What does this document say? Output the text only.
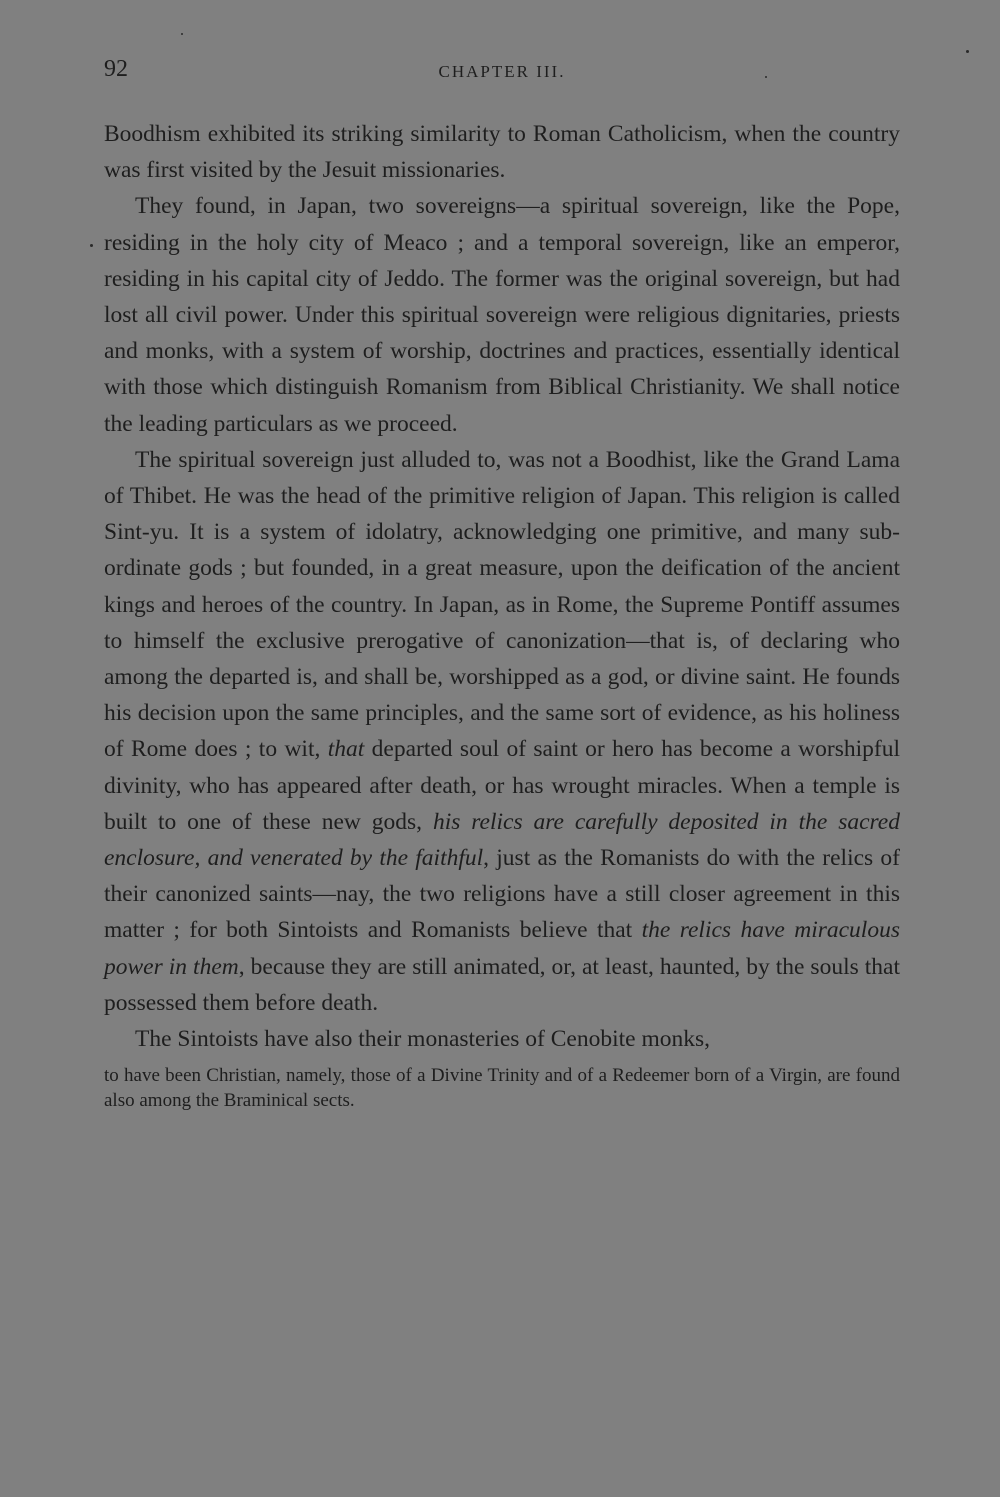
92	CHAPTER III.

Boodhism exhibited its striking similarity to Roman Catholicism, when the country was first visited by the Jesuit missionaries.

They found, in Japan, two sovereigns—a spiritual sovereign, like the Pope, residing in the holy city of Meaco ; and a temporal sovereign, like an emperor, residing in his capital city of Jeddo. The former was the original sovereign, but had lost all civil power. Under this spiritual sovereign were religious dignitaries, priests and monks, with a system of worship, doctrines and practices, essentially identical with those which distinguish Romanism from Biblical Christianity. We shall notice the leading particulars as we proceed.

The spiritual sovereign just alluded to, was not a Boodhist, like the Grand Lama of Thibet. He was the head of the primitive religion of Japan. This religion is called Sint-yu. It is a system of idolatry, acknowledging one primitive, and many subordinate gods ; but founded, in a great measure, upon the deification of the ancient kings and heroes of the country. In Japan, as in Rome, the Supreme Pontiff assumes to himself the exclusive prerogative of canonization—that is, of declaring who among the departed is, and shall be, worshipped as a god, or divine saint. He founds his decision upon the same principles, and the same sort of evidence, as his holiness of Rome does ; to wit, that departed soul of saint or hero has become a worshipful divinity, who has appeared after death, or has wrought miracles. When a temple is built to one of these new gods, his relics are carefully deposited in the sacred enclosure, and venerated by the faithful, just as the Romanists do with the relics of their canonized saints—nay, the two religions have a still closer agreement in this matter ; for both Sintoists and Romanists believe that the relics have miraculous power in them, because they are still animated, or, at least, haunted, by the souls that possessed them before death.

The Sintoists have also their monasteries of Cenobite monks,

to have been Christian, namely, those of a Divine Trinity and of a Redeemer born of a Virgin, are found also among the Braminical sects.
